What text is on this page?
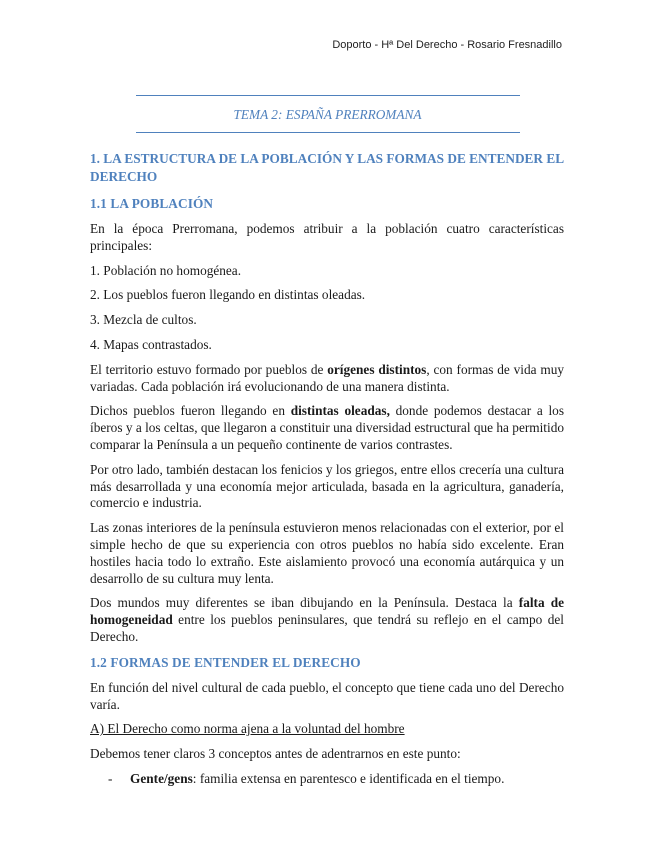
Doporto - Hª Del Derecho - Rosario Fresnadillo
TEMA 2: ESPAÑA PRERROMANA
1. LA ESTRUCTURA DE LA POBLACIÓN Y LAS FORMAS DE ENTENDER EL DERECHO
1.1 LA POBLACIÓN

En la época Prerromana, podemos atribuir a la población cuatro características principales:

1. Población no homogénea.

2. Los pueblos fueron llegando en distintas oleadas.

3. Mezcla de cultos.

4. Mapas contrastados.

El territorio estuvo formado por pueblos de orígenes distintos, con formas de vida muy variadas. Cada población irá evolucionando de una manera distinta.

Dichos pueblos fueron llegando en distintas oleadas, donde podemos destacar a los íberos y a los celtas, que llegaron a constituir una diversidad estructural que ha permitido comparar la Península a un pequeño continente de varios contrastes.

Por otro lado, también destacan los fenicios y los griegos, entre ellos crecería una cultura más desarrollada y una economía mejor articulada, basada en la agricultura, ganadería, comercio e industria.

Las zonas interiores de la península estuvieron menos relacionadas con el exterior, por el simple hecho de que su experiencia con otros pueblos no había sido excelente. Eran hostiles hacia todo lo extraño. Este aislamiento provocó una economía autárquica y un desarrollo de su cultura muy lenta.

Dos mundos muy diferentes se iban dibujando en la Península. Destaca la falta de homogeneidad entre los pueblos peninsulares, que tendrá su reflejo en el campo del Derecho.

1.2 FORMAS DE ENTENDER EL DERECHO

En función del nivel cultural de cada pueblo, el concepto que tiene cada uno del Derecho varía.

A) El Derecho como norma ajena a la voluntad del hombre

Debemos tener claros 3 conceptos antes de adentrarnos en este punto:

-	Gente/gens: familia extensa en parentesco e identificada en el tiempo.
